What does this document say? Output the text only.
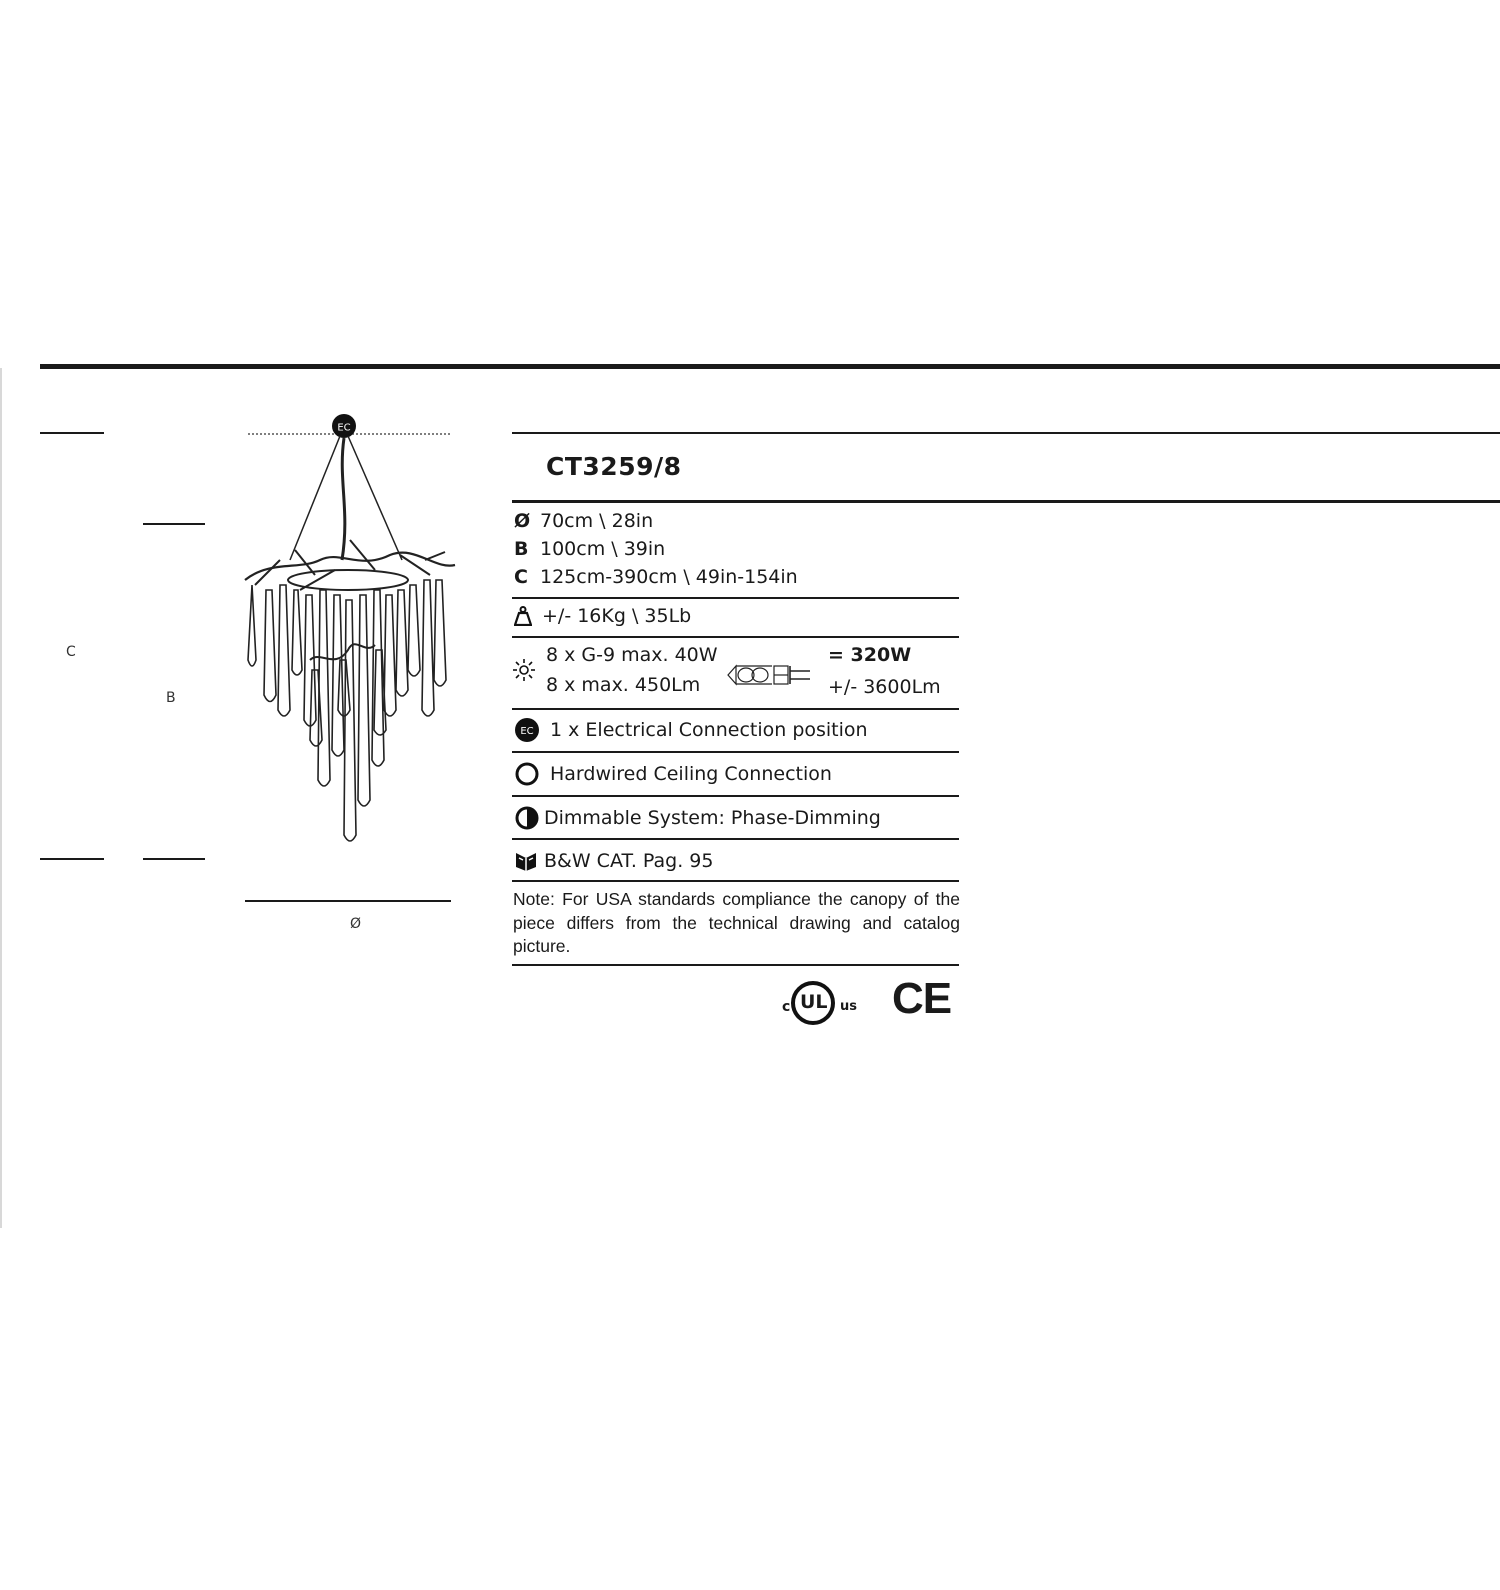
C
B
Ø
EC
CT3259/8
Ø 70cm \ 28in
B 100cm \ 39in
C 125cm-390cm \ 49in-154in
+/- 16Kg \ 35Lb
8 x G-9 max. 40W
8 x max. 450Lm
= 320W
+/- 3600Lm
EC 1 x Electrical Connection position
Hardwired Ceiling Connection
Dimmable System: Phase-Dimming
B&W CAT. Pag. 95
Note: For USA standards compliance the canopy of the piece differs from the technical drawing and catalog picture.
c UL us CE
